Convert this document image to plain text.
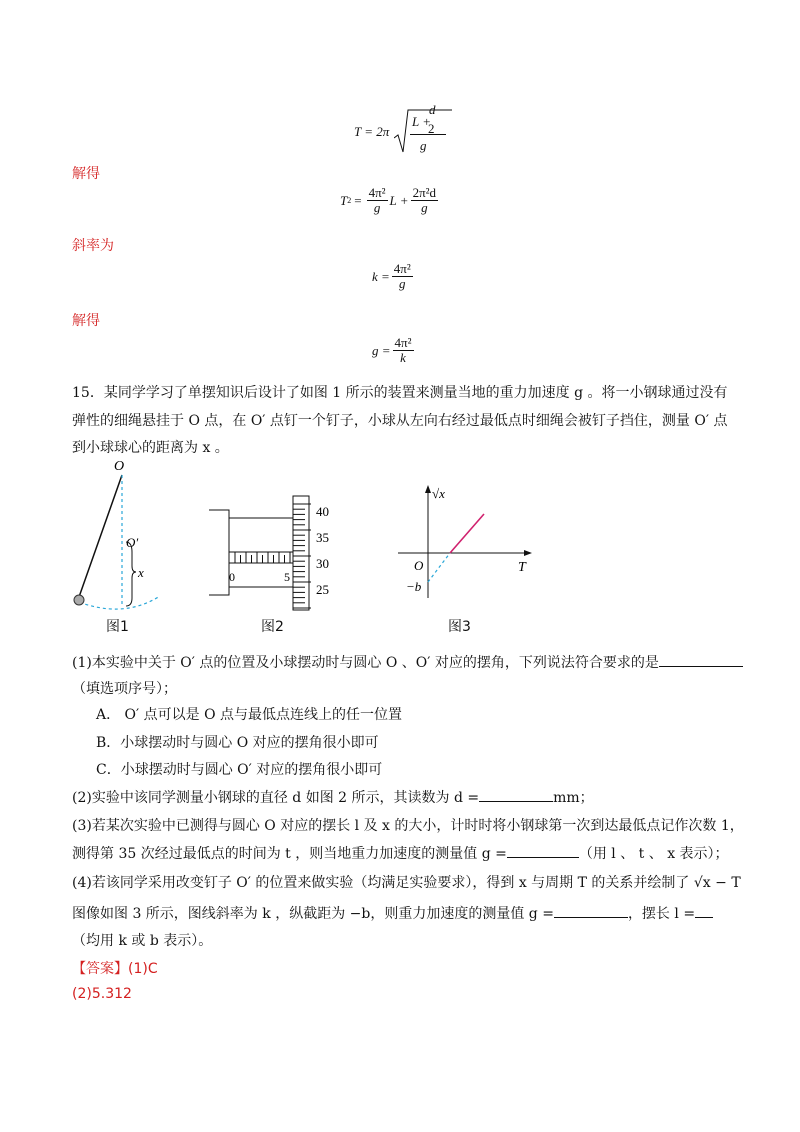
T = 2π
d
L +
2
g
解得
T $2 = \frac{\text{4π²}}{g}$ $L + \frac{\text{2π²d}}{g}$
斜率为
$k = \frac{\text{4π²}}{g}$
解得
$g = \frac{\text{4π²}}{k}$
15．某同学学习了单摆知识后设计了如图 1 所示的装置来测量当地的重力加速度 g 。将一小钢球通过没有
弹性的细绳悬挂于 O 点，在 O′ 点钉一个钉子，小球从左向右经过最低点时细绳会被钉子挡住，测量 O′ 点
到小球球心的距离为 x 。
O
O′
x
图1
0	5
40
35
30
25
图2
√x
T
O
−b
图3
(1)本实验中关于 O′ 点的位置及小球摆动时与圆心 O 、O′ 对应的摆角，下列说法符合要求的是
（填选项序号）；
A． O′ 点可以是 O 点与最低点连线上的任一位置
B．小球摆动时与圆心 O 对应的摆角很小即可
C．小球摆动时与圆心 O′ 对应的摆角很小即可
(2)实验中该同学测量小钢球的直径 d 如图 2 所示，其读数为 d =	mm；
(3)若某次实验中已测得与圆心 O 对应的摆长 l 及 x 的大小，计时时将小钢球第一次到达最低点记作次数 1，
测得第 35 次经过最低点的时间为 t ，则当地重力加速度的测量值 g =	（用 l 、 t 、 x 表示）；
(4)若该同学采用改变钉子 O′ 的位置来做实验（均满足实验要求），得到 x 与周期 T 的关系并绘制了 √x − T
图像如图 3 所示，图线斜率为 k ，纵截距为 −b，则重力加速度的测量值 g =	，摆长 l =
（均用 k 或 b 表示）。
【答案】(1)C
(2)5.312
